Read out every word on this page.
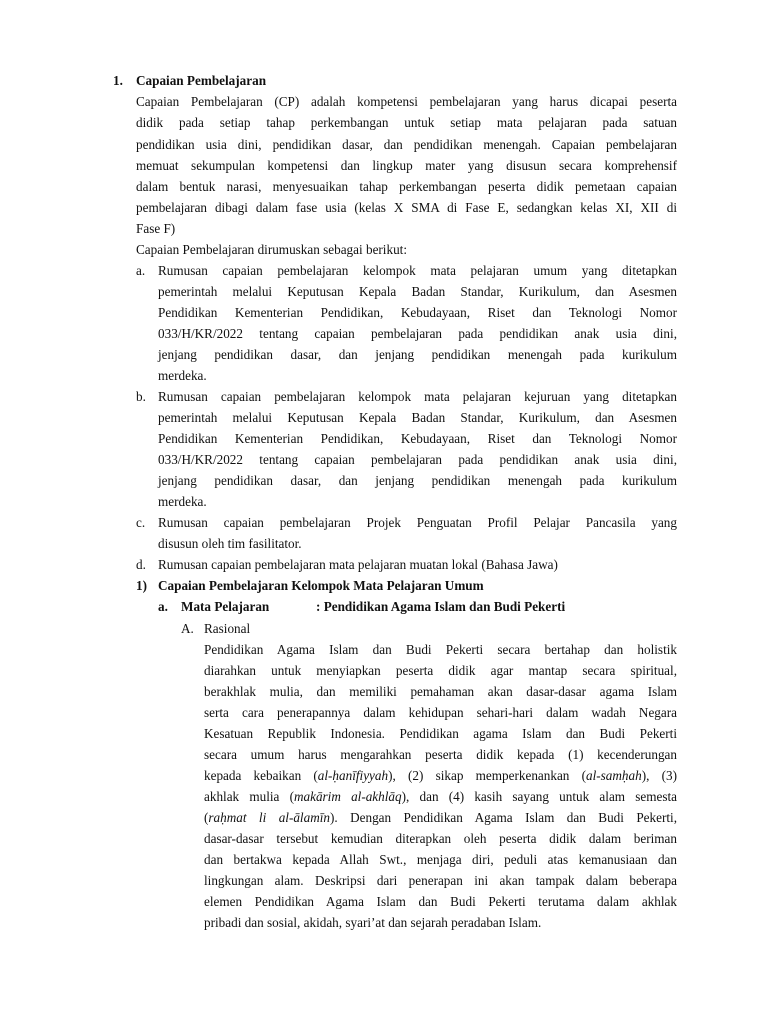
1. Capaian Pembelajaran
Capaian Pembelajaran (CP) adalah kompetensi pembelajaran yang harus dicapai peserta
didik pada setiap tahap perkembangan untuk setiap mata pelajaran pada satuan
pendidikan usia dini, pendidikan dasar, dan pendidikan menengah. Capaian pembelajaran
memuat sekumpulan kompetensi dan lingkup mater yang disusun secara komprehensif
dalam bentuk narasi, menyesuaikan tahap perkembangan peserta didik pemetaan capaian
pembelajaran dibagi dalam fase usia (kelas X SMA di Fase E, sedangkan kelas XI, XII di
Fase F)
Capaian Pembelajaran dirumuskan sebagai berikut:
a. Rumusan capaian pembelajaran kelompok mata pelajaran umum yang ditetapkan
pemerintah melalui Keputusan Kepala Badan Standar, Kurikulum, dan Asesmen
Pendidikan Kementerian Pendidikan, Kebudayaan, Riset dan Teknologi Nomor
033/H/KR/2022 tentang capaian pembelajaran pada pendidikan anak usia dini,
jenjang pendidikan dasar, dan jenjang pendidikan menengah pada kurikulum
merdeka.
b. Rumusan capaian pembelajaran kelompok mata pelajaran kejuruan yang ditetapkan
pemerintah melalui Keputusan Kepala Badan Standar, Kurikulum, dan Asesmen
Pendidikan Kementerian Pendidikan, Kebudayaan, Riset dan Teknologi Nomor
033/H/KR/2022 tentang capaian pembelajaran pada pendidikan anak usia dini,
jenjang pendidikan dasar, dan jenjang pendidikan menengah pada kurikulum
merdeka.
c. Rumusan capaian pembelajaran Projek Penguatan Profil Pelajar Pancasila yang
disusun oleh tim fasilitator.
d. Rumusan capaian pembelajaran mata pelajaran muatan lokal (Bahasa Jawa)
1) Capaian Pembelajaran Kelompok Mata Pelajaran Umum
a. Mata Pelajaran	: Pendidikan Agama Islam dan Budi Pekerti
A. Rasional
Pendidikan Agama Islam dan Budi Pekerti secara bertahap dan holistik
diarahkan untuk menyiapkan peserta didik agar mantap secara spiritual,
berakhlak mulia, dan memiliki pemahaman akan dasar-dasar agama Islam
serta cara penerapannya dalam kehidupan sehari-hari dalam wadah Negara
Kesatuan Republik Indonesia. Pendidikan agama Islam dan Budi Pekerti
secara umum harus mengarahkan peserta didik kepada (1) kecenderungan
kepada kebaikan (al-ḥanīfiyyah), (2) sikap memperkenankan (al-samḥah), (3)
akhlak mulia (makārim al-akhlāq), dan (4) kasih sayang untuk alam semesta
(raḥmat li al-ālamīn). Dengan Pendidikan Agama Islam dan Budi Pekerti,
dasar-dasar tersebut kemudian diterapkan oleh peserta didik dalam beriman
dan bertakwa kepada Allah Swt., menjaga diri, peduli atas kemanusiaan dan
lingkungan alam. Deskripsi dari penerapan ini akan tampak dalam beberapa
elemen Pendidikan Agama Islam dan Budi Pekerti terutama dalam akhlak
pribadi dan sosial, akidah, syari’at dan sejarah peradaban Islam.
